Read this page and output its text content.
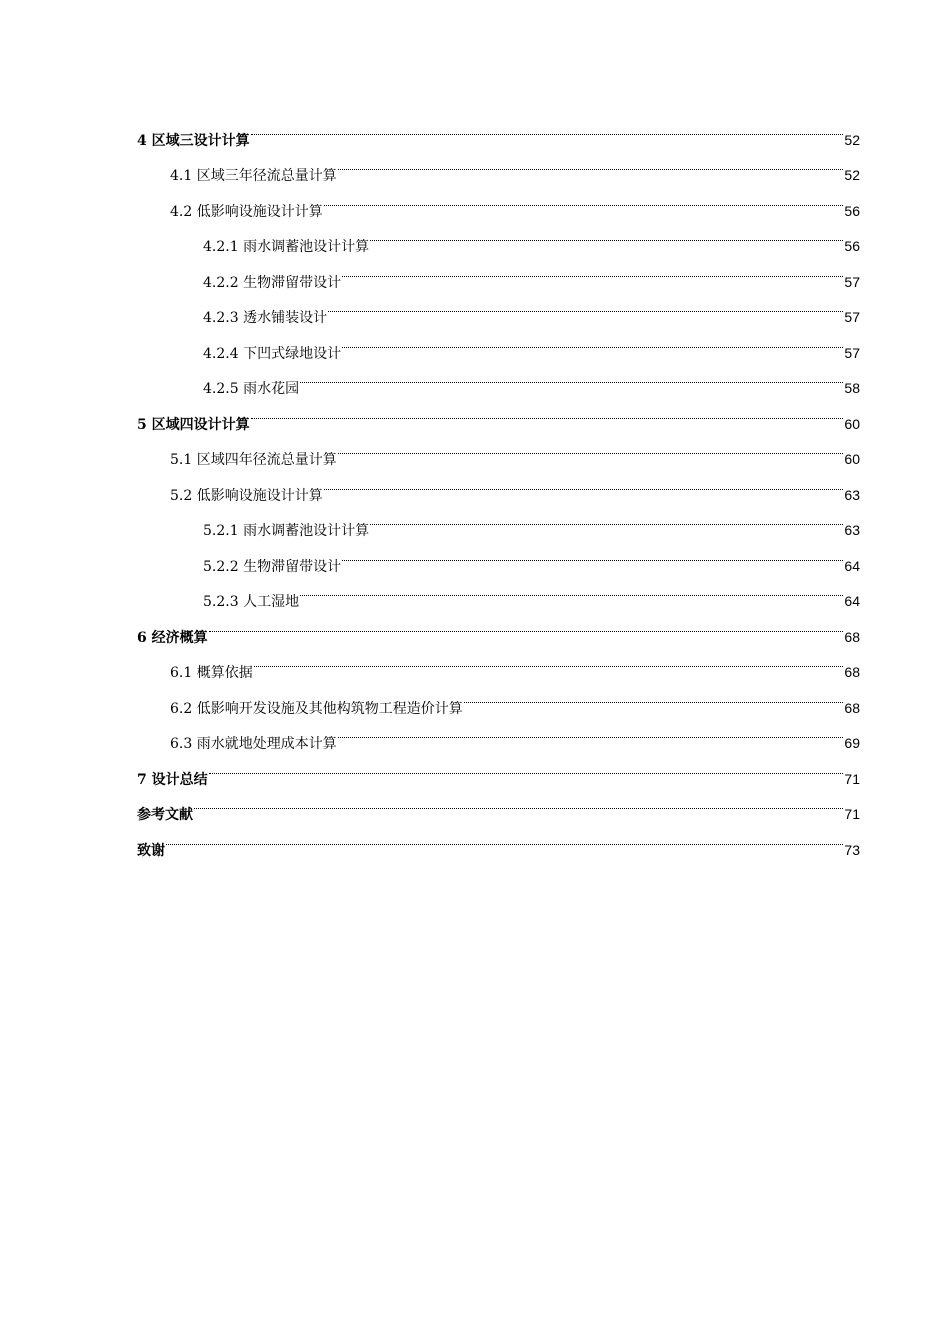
4 区域三设计计算	52
4.1 区域三年径流总量计算	52
4.2 低影响设施设计计算	56
4.2.1 雨水调蓄池设计计算	56
4.2.2 生物滞留带设计	57
4.2.3 透水铺装设计	57
4.2.4 下凹式绿地设计	57
4.2.5 雨水花园	58
5 区域四设计计算	60
5.1 区域四年径流总量计算	60
5.2 低影响设施设计计算	63
5.2.1 雨水调蓄池设计计算	63
5.2.2 生物滞留带设计	64
5.2.3 人工湿地	64
6 经济概算	68
6.1 概算依据	68
6.2 低影响开发设施及其他构筑物工程造价计算	68
6.3 雨水就地处理成本计算	69
7 设计总结	71
参考文献	71
致谢	73
